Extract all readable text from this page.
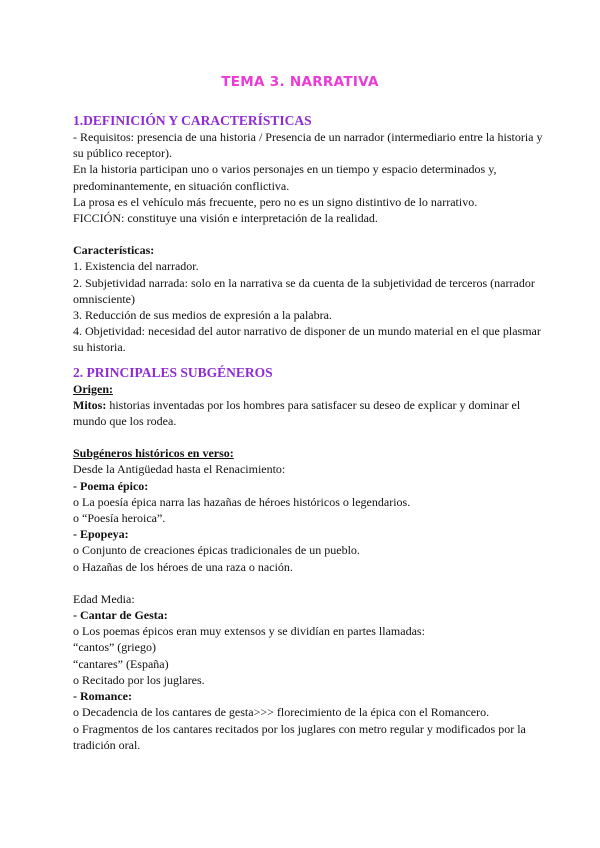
TEMA 3. NARRATIVA
1.DEFINICIÓN Y CARACTERÍSTICAS
- Requisitos: presencia de una historia / Presencia de un narrador (intermediario entre la historia y su público receptor).
En la historia participan uno o varios personajes en un tiempo y espacio determinados y, predominantemente, en situación conflictiva.
La prosa es el vehículo más frecuente, pero no es un signo distintivo de lo narrativo.
FICCIÓN: constituye una visión e interpretación de la realidad.
Características:
1. Existencia del narrador.
2. Subjetividad narrada: solo en la narrativa se da cuenta de la subjetividad de terceros (narrador omnisciente)
3. Reducción de sus medios de expresión a la palabra.
4. Objetividad: necesidad del autor narrativo de disponer de un mundo material en el que plasmar su historia.
2. PRINCIPALES SUBGÉNEROS
Origen:
Mitos: historias inventadas por los hombres para satisfacer su deseo de explicar y dominar el mundo que los rodea.
Subgéneros históricos en verso:
Desde la Antigüedad hasta el Renacimiento:
- Poema épico:
o La poesía épica narra las hazañas de héroes históricos o legendarios.
o “Poesía heroica”.
- Epopeya:
o Conjunto de creaciones épicas tradicionales de un pueblo.
o Hazañas de los héroes de una raza o nación.
Edad Media:
- Cantar de Gesta:
o Los poemas épicos eran muy extensos y se dividían en partes llamadas:
“cantos” (griego)
“cantares” (España)
o Recitado por los juglares.
- Romance:
o Decadencia de los cantares de gesta>>> florecimiento de la épica con el Romancero.
o Fragmentos de los cantares recitados por los juglares con metro regular y modificados por la tradición oral.
